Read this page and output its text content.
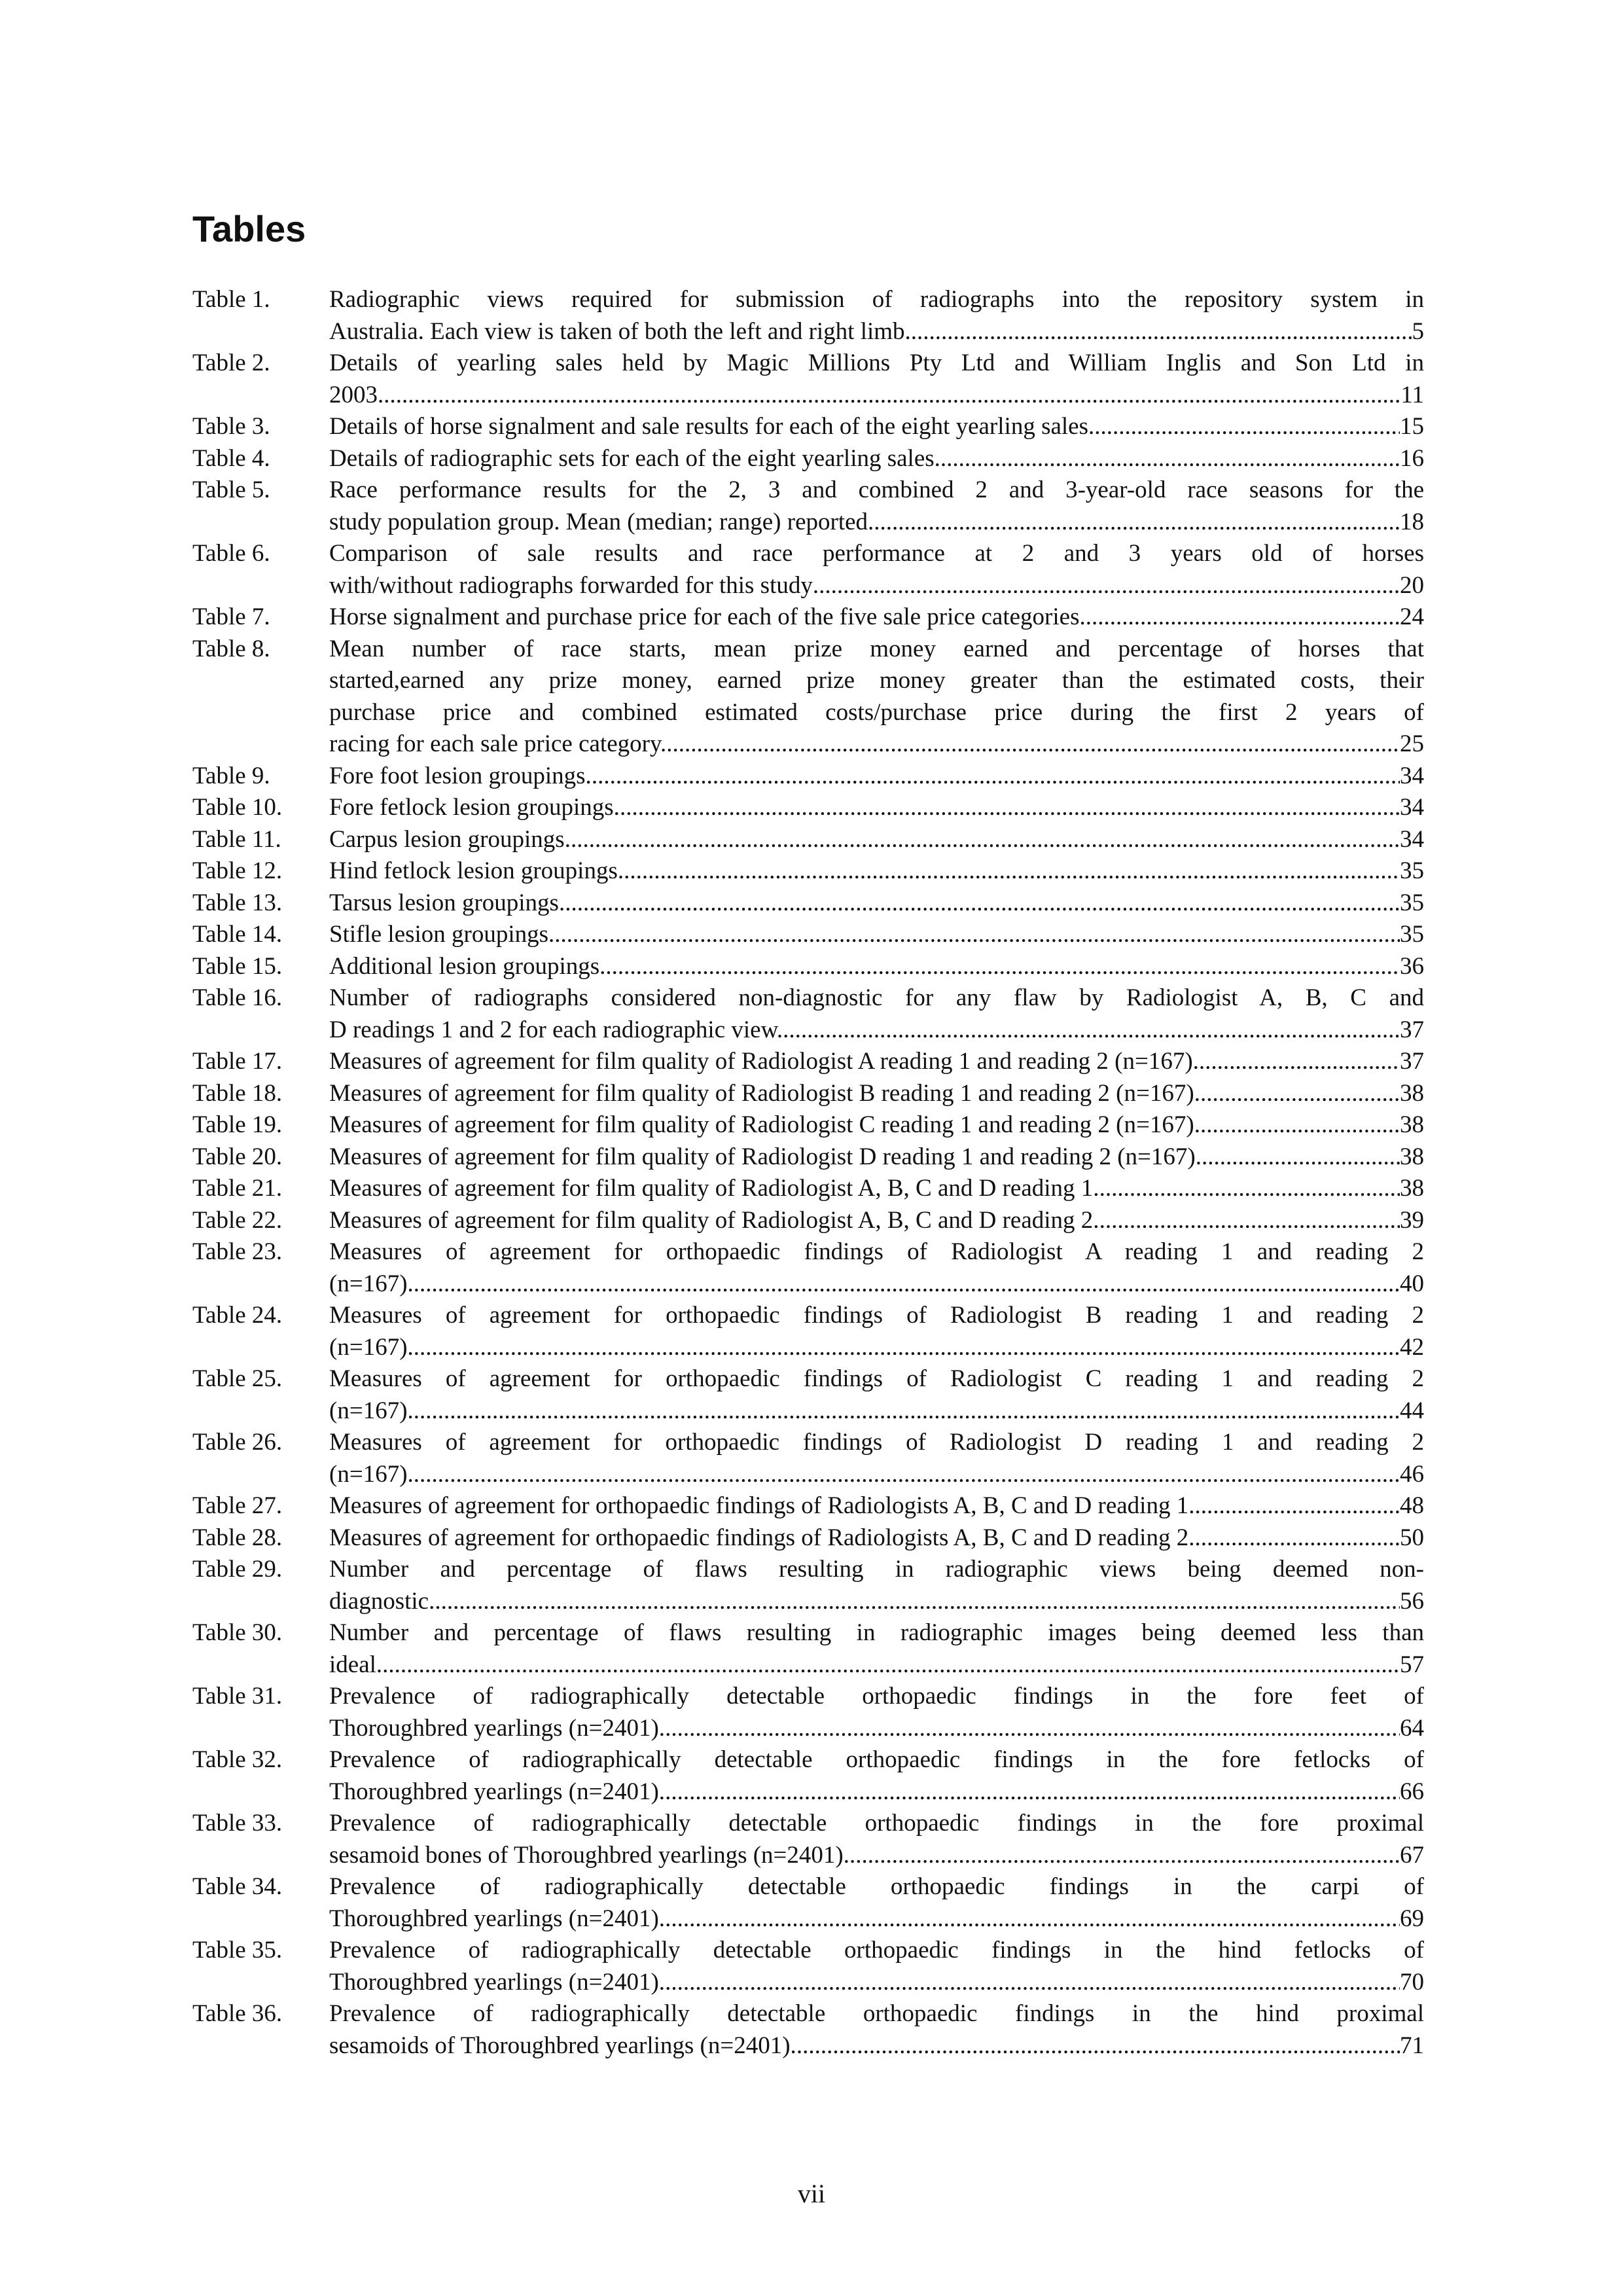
Tables
Table 1.	Radiographic views required for submission of radiographs into the repository system in
Australia. Each view is taken of both the left and right limb. .....	5
Table 2.	Details of yearling sales held by Magic Millions Pty Ltd and William Inglis and Son Ltd in
2003 .....	11
Table 3.	Details of horse signalment and sale results for each of the eight yearling sales .....	15
Table 4.	Details of radiographic sets for each of the eight yearling sales .....	16
Table 5.	Race performance results for the 2, 3 and combined 2 and 3-year-old race seasons for the
study population group. Mean (median; range) reported. .....	18
Table 6.	Comparison of sale results and race performance at 2 and 3 years old of horses
with/without radiographs forwarded for this study .....	20
Table 7.	Horse signalment and purchase price for each of the five sale price categories .....	24
Table 8.	Mean number of race starts, mean prize money earned and percentage of horses that
started,earned any prize money, earned prize money greater than the estimated costs, their
purchase price and combined estimated costs/purchase price during the first 2 years of
racing for each sale price category. .....	25
Table 9.	Fore foot lesion groupings. .....	34
Table 10.	Fore fetlock lesion groupings. .....	34
Table 11.	Carpus lesion groupings. .....	34
Table 12.	Hind fetlock lesion groupings. .....	35
Table 13.	Tarsus lesion groupings. .....	35
Table 14.	Stifle lesion groupings. .....	35
Table 15.	Additional lesion groupings. .....	36
Table 16.	Number of radiographs considered non-diagnostic for any flaw by Radiologist A, B, C and
D readings 1 and 2 for each radiographic view. .....	37
Table 17.	Measures of agreement for film quality of Radiologist A reading 1 and reading 2 (n=167). .....	37
Table 18.	Measures of agreement for film quality of Radiologist B reading 1 and reading 2 (n=167) .....	38
Table 19.	Measures of agreement for film quality of Radiologist C reading 1 and reading 2 (n=167) .....	38
Table 20.	Measures of agreement for film quality of Radiologist D reading 1 and reading 2 (n=167). .....	38
Table 21.	Measures of agreement for film quality of Radiologist A, B, C and D reading 1. .....	38
Table 22.	Measures of agreement for film quality of Radiologist A, B, C and D reading 2. .....	39
Table 23.	Measures of agreement for orthopaedic findings of Radiologist A reading 1 and reading 2
(n=167). .....	40
Table 24.	Measures of agreement for orthopaedic findings of Radiologist B reading 1 and reading 2
(n=167). .....	42
Table 25.	Measures of agreement for orthopaedic findings of Radiologist C reading 1 and reading 2
(n=167). .....	44
Table 26.	Measures of agreement for orthopaedic findings of Radiologist D reading 1 and reading 2
(n=167). .....	46
Table 27.	Measures of agreement for orthopaedic findings of Radiologists A, B, C and D reading 1. .....	48
Table 28.	Measures of agreement for orthopaedic findings of Radiologists A, B, C and D reading 2. .....	50
Table 29.	Number and percentage of flaws resulting in radiographic views being deemed non-
diagnostic. .....	56
Table 30.	Number and percentage of flaws resulting in radiographic images being deemed less than
ideal .....	57
Table 31.	Prevalence of radiographically detectable orthopaedic findings in the fore feet of
Thoroughbred yearlings (n=2401). .....	64
Table 32.	Prevalence of radiographically detectable orthopaedic findings in the fore fetlocks of
Thoroughbred yearlings (n=2401). .....	66
Table 33.	Prevalence of radiographically detectable orthopaedic findings in the fore proximal
sesamoid bones of Thoroughbred yearlings (n=2401). .....	67
Table 34.	Prevalence of radiographically detectable orthopaedic findings in the carpi of
Thoroughbred yearlings (n=2401). .....	69
Table 35.	Prevalence of radiographically detectable orthopaedic findings in the hind fetlocks of
Thoroughbred yearlings (n=2401). .....	70
Table 36.	Prevalence of radiographically detectable orthopaedic findings in the hind proximal
sesamoids of Thoroughbred yearlings (n=2401). .....	71
vii
